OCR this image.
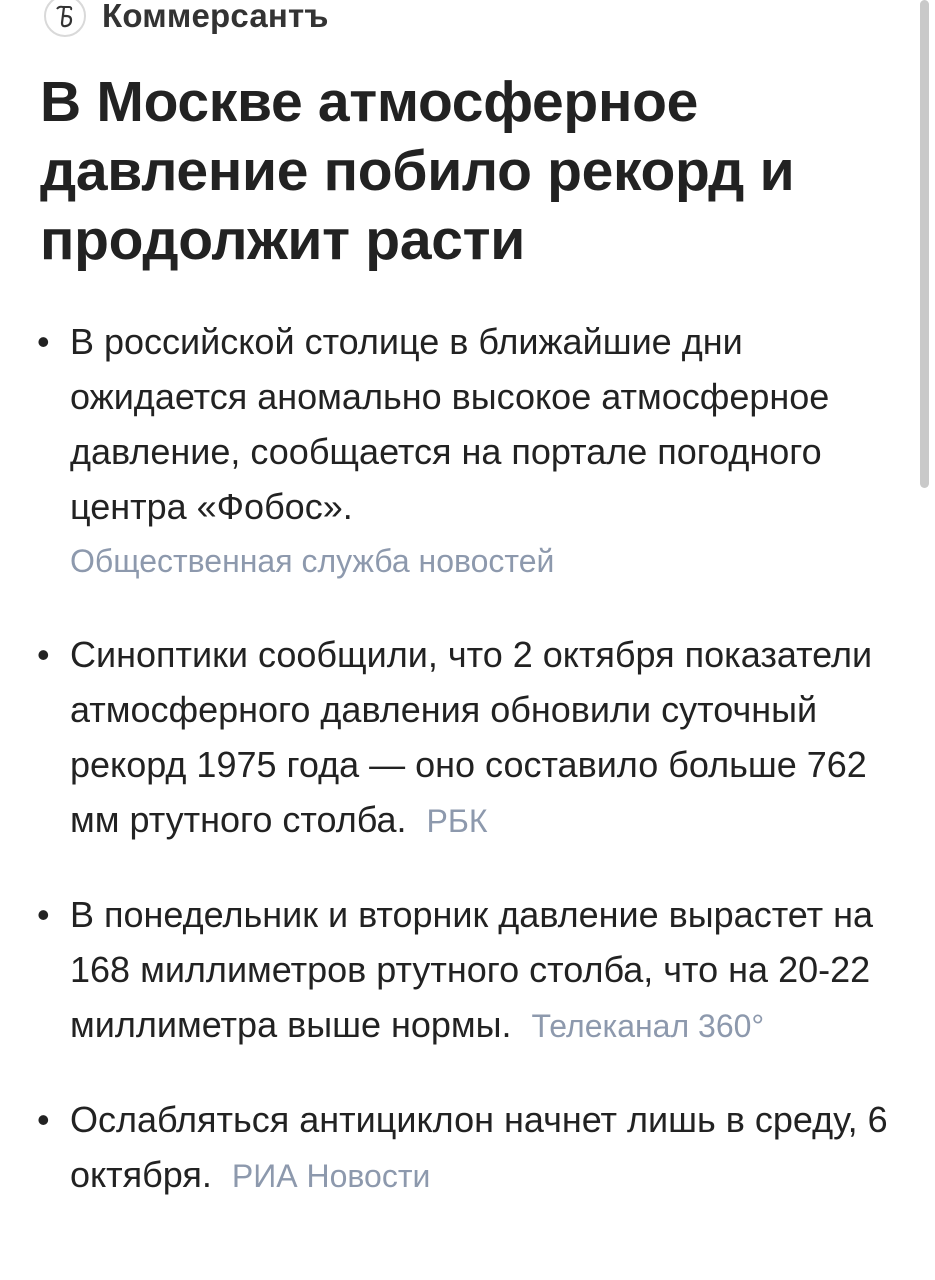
Коммерсантъ
В Москве атмосферное давление побило рекорд и продолжит расти
• В российской столице в ближайшие дни ожидается аномально высокое атмосферное давление, сообщается на портале погодного центра «Фобос».
Общественная служба новостей
• Синоптики сообщили, что 2 октября показатели атмосферного давления обновили суточный рекорд 1975 года — оно составило больше 762 мм ртутного столба. РБК
• В понедельник и вторник давление вырастет на 168 миллиметров ртутного столба, что на 20-22 миллиметра выше нормы. Телеканал 360°
• Ослабляться антициклон начнет лишь в среду, 6 октября. РИА Новости
